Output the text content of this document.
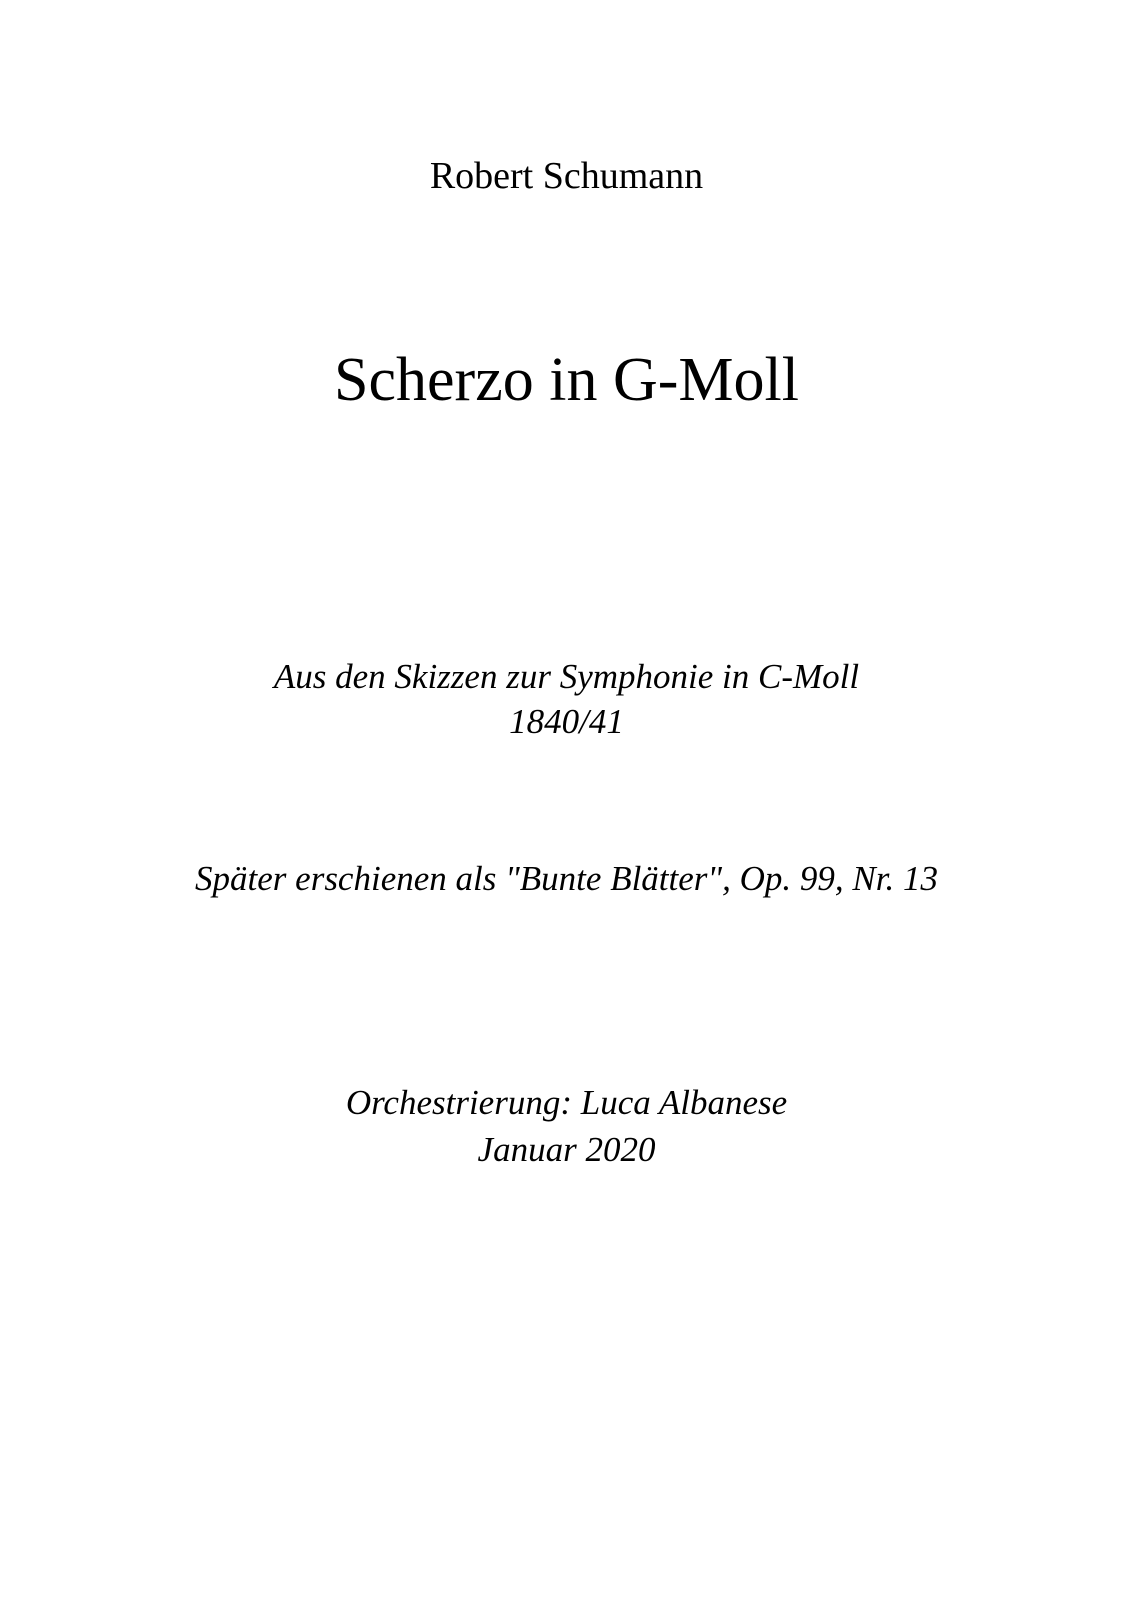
Robert Schumann
Scherzo in G-Moll
Aus den Skizzen zur Symphonie in C-Moll
1840/41
Später erschienen als "Bunte Blätter", Op. 99, Nr. 13
Orchestrierung: Luca Albanese
Januar 2020
